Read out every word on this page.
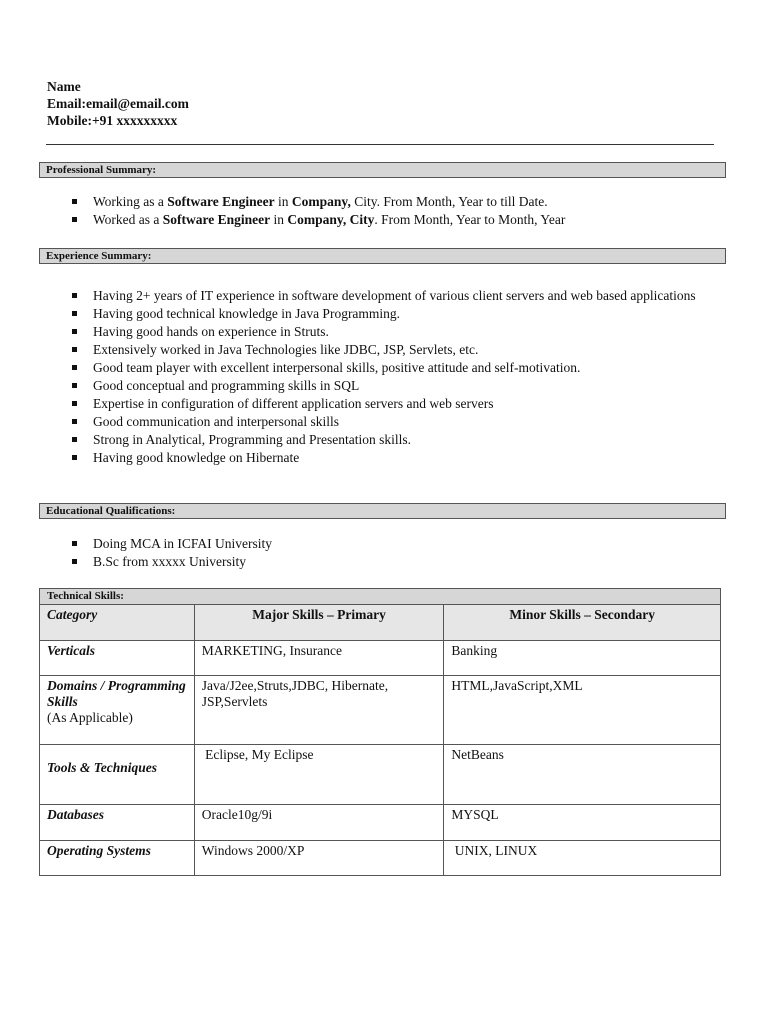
Name
Email:email@email.com
Mobile:+91 xxxxxxxxx
Professional Summary:
Working as a Software Engineer in Company, City. From Month, Year to till Date.
Worked as a Software Engineer in Company, City. From Month, Year to Month, Year
Experience Summary:
Having 2+ years of IT experience in software development of various client servers and web based applications
Having good technical knowledge in Java Programming.
Having good hands on experience in Struts.
Extensively worked in Java Technologies like JDBC, JSP, Servlets, etc.
Good team player with excellent interpersonal skills, positive attitude and self-motivation.
Good conceptual and programming skills in SQL
Expertise in configuration of different application servers and web servers
Good communication and interpersonal skills
Strong in Analytical, Programming and Presentation skills.
Having good knowledge on Hibernate
Educational Qualifications:
Doing MCA in ICFAI University
B.Sc from xxxxx University
Technical Skills:		
Category	Major Skills – Primary	Minor Skills – Secondary
Verticals	MARKETING, Insurance	Banking
Domains / Programming Skills
(As Applicable)	Java/J2ee,Struts,JDBC, Hibernate, JSP,Servlets	HTML,JavaScript,XML
Tools & Techniques	Eclipse, My Eclipse	NetBeans
Databases	Oracle10g/9i	MYSQL
Operating Systems	Windows 2000/XP	UNIX, LINUX
